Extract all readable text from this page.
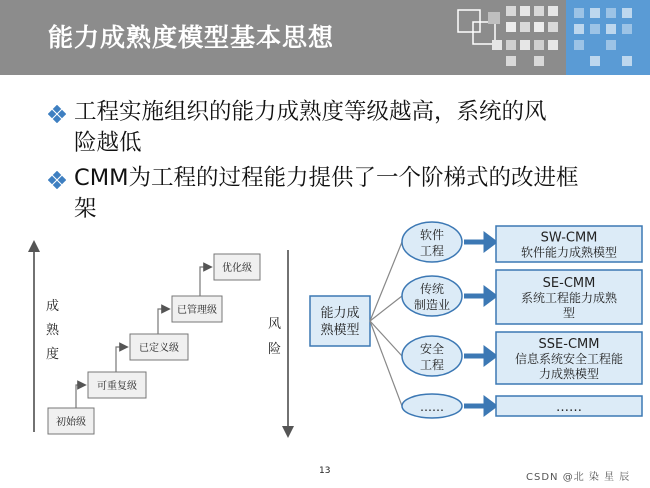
能力成熟度模型基本思想
工程实施组织的能力成熟度等级越高，系统的风
险越低
CMM为工程的过程能力提供了一个阶梯式的改进框
架
成
熟
度
风
险
初始级
可重复级
已定义级
已管理级
优化级
能力成
熟模型
软件
工程
SW-CMM
软件能力成熟模型
传统
制造业
SE-CMM
系统工程能力成熟
型
安全
工程
SSE-CMM
信息系统安全工程能
力成熟模型
……	……
13
CSDN @北 染 星 辰
